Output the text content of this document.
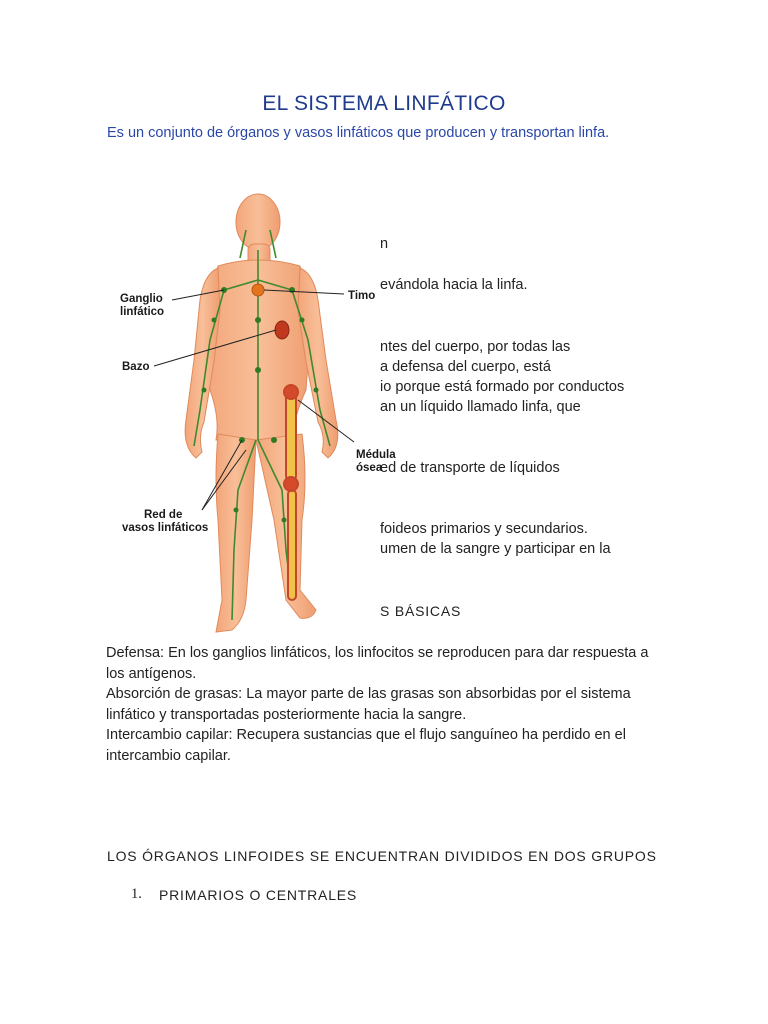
EL SISTEMA LINFÁTICO
Es un conjunto de órganos y vasos linfáticos que producen y transportan linfa.
n
evándola hacia la linfa.
ntes del cuerpo, por todas las
a defensa del cuerpo, está
io porque está formado por conductos
an un líquido llamado linfa, que
ed de transporte de líquidos
foideos primarios y secundarios.
umen de la sangre y participar en la
S BÁSICAS
Defensa: En los ganglios linfáticos, los linfocitos se reproducen para dar respuesta a los antígenos.
Absorción de grasas: La mayor parte de las grasas son absorbidas por el sistema linfático y transportadas posteriormente hacia la sangre.
Intercambio capilar: Recupera sustancias que el flujo sanguíneo ha perdido en el intercambio capilar.
LOS ÓRGANOS LINFOIDES SE ENCUENTRAN DIVIDIDOS EN DOS GRUPOS
1. PRIMARIOS O CENTRALES
Ganglio
linfático
Timo
Bazo
Médula
ósea
Red de
vasos linfáticos
